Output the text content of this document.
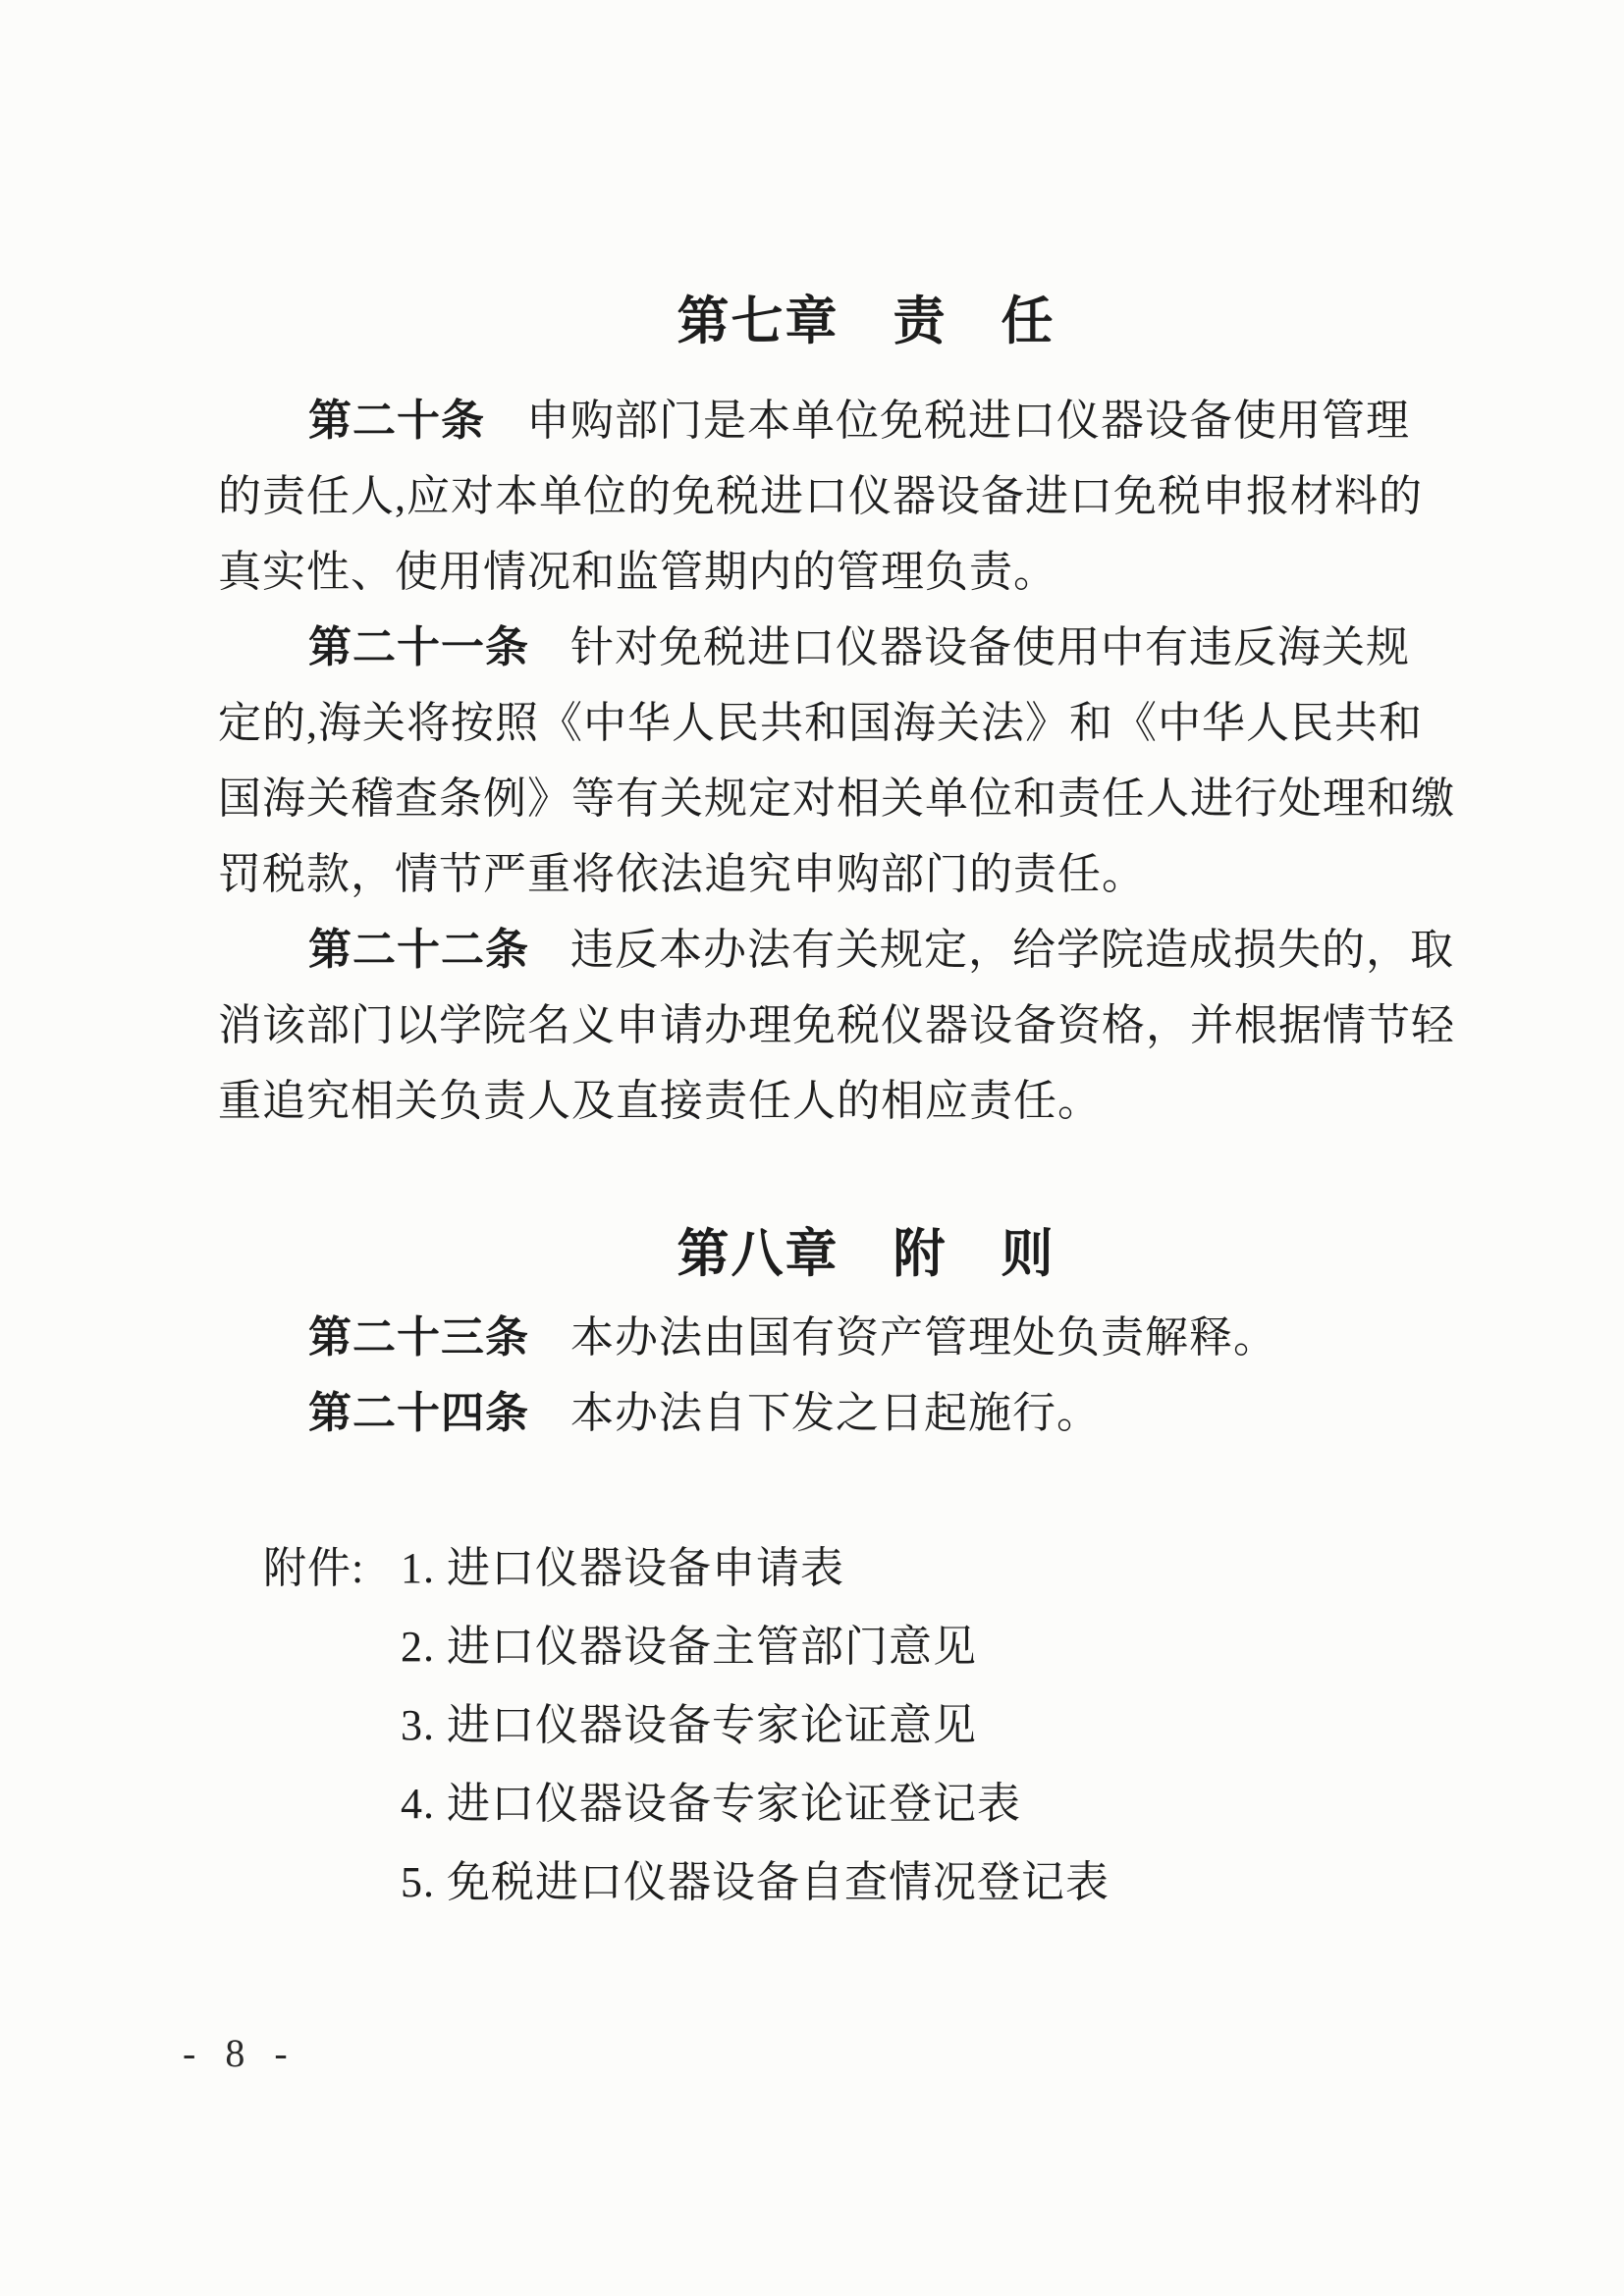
第七章　责　任
第二十条 申购部门是本单位免税进口仪器设备使用管理
的责任人,应对本单位的免税进口仪器设备进口免税申报材料的
真实性、使用情况和监管期内的管理负责。
第二十一条 针对免税进口仪器设备使用中有违反海关规
定的,海关将按照《中华人民共和国海关法》和《中华人民共和
国海关稽查条例》等有关规定对相关单位和责任人进行处理和缴
罚税款，情节严重将依法追究申购部门的责任。
第二十二条 违反本办法有关规定，给学院造成损失的，取
消该部门以学院名义申请办理免税仪器设备资格，并根据情节轻
重追究相关负责人及直接责任人的相应责任。
第八章　附　则
第二十三条 本办法由国有资产管理处负责解释。
第二十四条 本办法自下发之日起施行。
附件: 1. 进口仪器设备申请表
2. 进口仪器设备主管部门意见
3. 进口仪器设备专家论证意见
4. 进口仪器设备专家论证登记表
5. 免税进口仪器设备自查情况登记表
- 8 -
